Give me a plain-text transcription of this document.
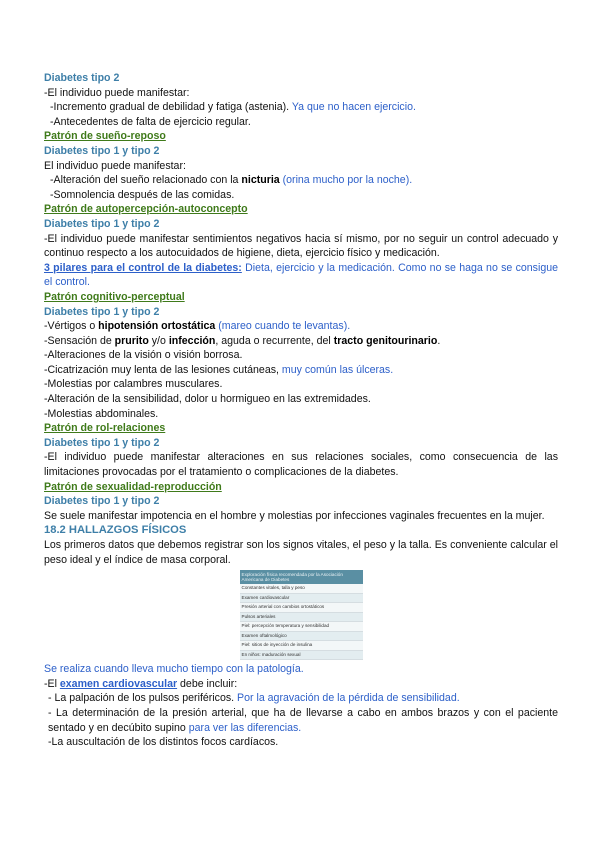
Diabetes tipo 2

-El individuo puede manifestar:

-Incremento gradual de debilidad y fatiga (astenia). Ya que no hacen ejercicio.

-Antecedentes de falta de ejercicio regular.

Patrón de sueño-reposo

Diabetes tipo 1 y tipo 2

El individuo puede manifestar:

-Alteración del sueño relacionado con la nicturia (orina mucho por la noche).

-Somnolencia después de las comidas.

Patrón de autopercepción-autoconcepto

Diabetes tipo 1 y tipo 2

-El individuo puede manifestar sentimientos negativos hacia sí mismo, por no seguir un control adecuado y continuo respecto a los autocuidados de higiene, dieta, ejercicio físico y medicación.

3 pilares para el control de la diabetes: Dieta, ejercicio y la medicación. Como no se haga no se consigue el control.

Patrón cognitivo-perceptual

Diabetes tipo 1 y tipo 2

-Vértigos o hipotensión ortostática (mareo cuando te levantas).

-Sensación de prurito y/o infección, aguda o recurrente, del tracto genitourinario.

-Alteraciones de la visión o visión borrosa.

-Cicatrización muy lenta de las lesiones cutáneas, muy común las úlceras.

-Molestias por calambres musculares.

-Alteración de la sensibilidad, dolor u hormigueo en las extremidades.

-Molestias abdominales.

Patrón de rol-relaciones

Diabetes tipo 1 y tipo 2

-El individuo puede manifestar alteraciones en sus relaciones sociales, como consecuencia de las limitaciones provocadas por el tratamiento o complicaciones de la diabetes.

Patrón de sexualidad-reproducción

Diabetes tipo 1 y tipo 2

Se suele manifestar impotencia en el hombre y molestias por infecciones vaginales frecuentes en la mujer.

18.2 HALLAZGOS FÍSICOS

Los primeros datos que debemos registrar son los signos vitales, el peso y la talla. Es conveniente calcular el peso ideal y el índice de masa corporal.

Exploración física recomendada por la Asociación Americana de Diabetes
Constantes vitales, talla y peso
Examen cardiovascular
Presión arterial con cambios ortostáticos
Pulsos arteriales
Piel: percepción temperatura y sensibilidad
Examen oftalmológico
Piel: sitios de inyección de insulina
En niños: maduración sexual

Se realiza cuando lleva mucho tiempo con la patología.

-El examen cardiovascular debe incluir:

- La palpación de los pulsos periféricos. Por la agravación de la pérdida de sensibilidad.

- La determinación de la presión arterial, que ha de llevarse a cabo en ambos brazos y con el paciente sentado y en decúbito supino para ver las diferencias.

-La auscultación de los distintos focos cardíacos.
